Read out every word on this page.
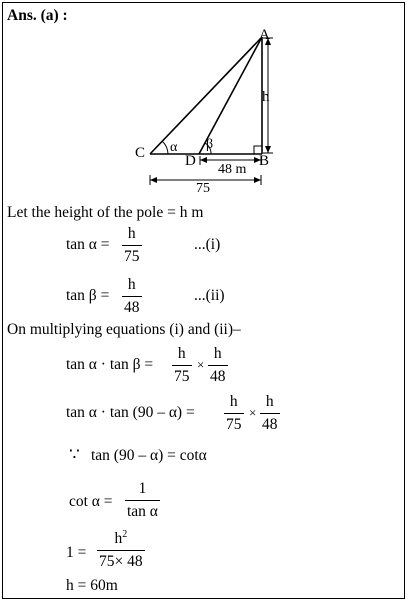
Ans. (a) :
A
B
C	D
α β
h
48 m
75
Let the height of the pole = h m
$\tan \alpha = \frac{h}{75}$	...(i)
$\tan \beta = \frac{h}{48}$	...(ii)
On multiplying equations (i) and (ii)–
$\tan \alpha \cdot \tan \beta = \frac{h}{75} \times \frac{h}{48}$
$\tan \alpha \cdot \tan (90 - \alpha) = \frac{h}{75} \times \frac{h}{48}$
∵ tan (90 – α) = cotα
$\cot \alpha = \frac{1}{\text{tan α}}$
$1 = \frac{h^2}{75\times 48}$
h = 60m
